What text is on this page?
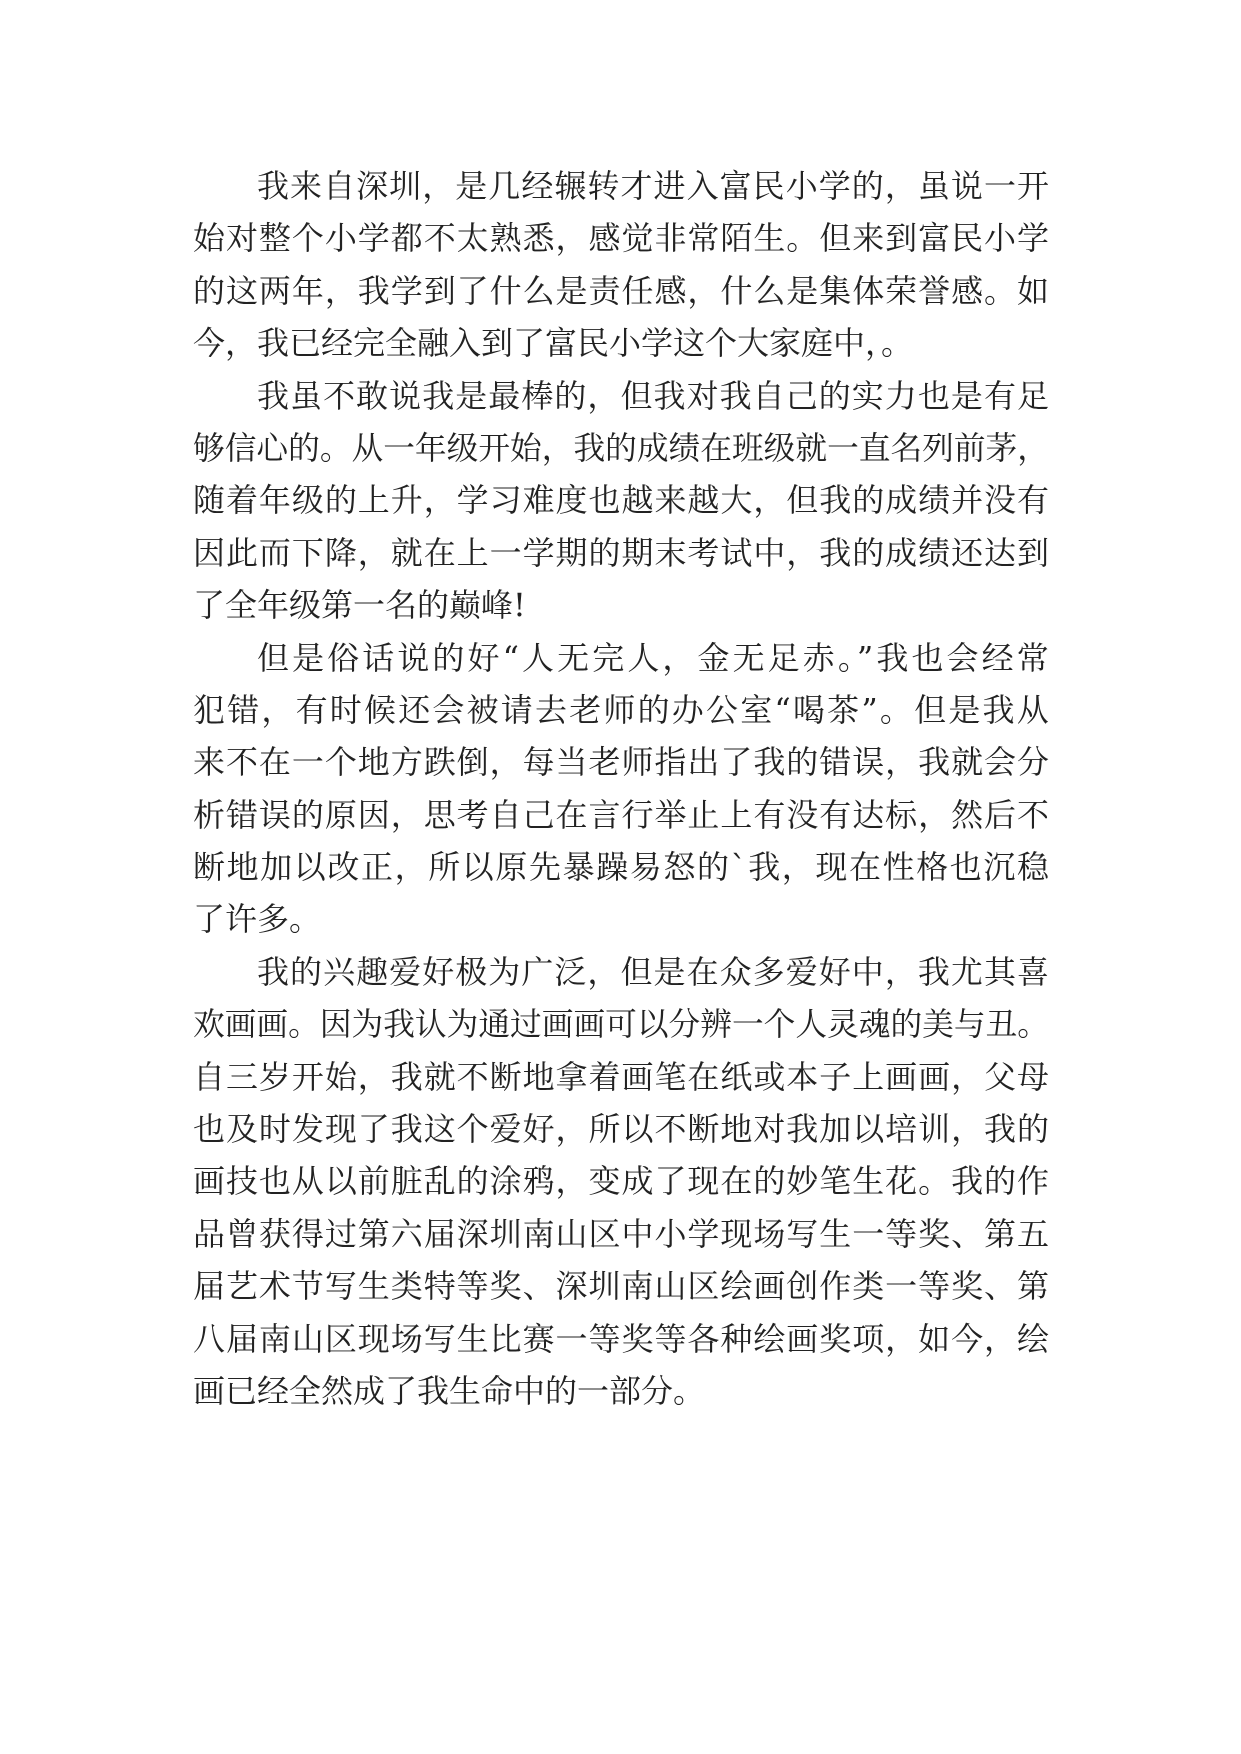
我来自深圳，是几经辗转才进入富民小学的，虽说一开
始对整个小学都不太熟悉，感觉非常陌生。但来到富民小学
的这两年，我学到了什么是责任感，什么是集体荣誉感。如
今，我已经完全融入到了富民小学这个大家庭中，。
我虽不敢说我是最棒的，但我对我自己的实力也是有足
够信心的。从一年级开始，我的成绩在班级就一直名列前茅，
随着年级的上升，学习难度也越来越大，但我的成绩并没有
因此而下降，就在上一学期的期末考试中，我的成绩还达到
了全年级第一名的巅峰!
但是俗话说的好“人无完人，金无足赤。”我也会经常
犯错，有时候还会被请去老师的办公室“喝茶”。但是我从
来不在一个地方跌倒，每当老师指出了我的错误，我就会分
析错误的原因，思考自己在言行举止上有没有达标，然后不
断地加以改正，所以原先暴躁易怒的`我，现在性格也沉稳
了许多。
我的兴趣爱好极为广泛，但是在众多爱好中，我尤其喜
欢画画。因为我认为通过画画可以分辨一个人灵魂的美与丑。
自三岁开始，我就不断地拿着画笔在纸或本子上画画，父母
也及时发现了我这个爱好，所以不断地对我加以培训，我的
画技也从以前脏乱的涂鸦，变成了现在的妙笔生花。我的作
品曾获得过第六届深圳南山区中小学现场写生一等奖、第五
届艺术节写生类特等奖、深圳南山区绘画创作类一等奖、第
八届南山区现场写生比赛一等奖等各种绘画奖项，如今，绘
画已经全然成了我生命中的一部分。
